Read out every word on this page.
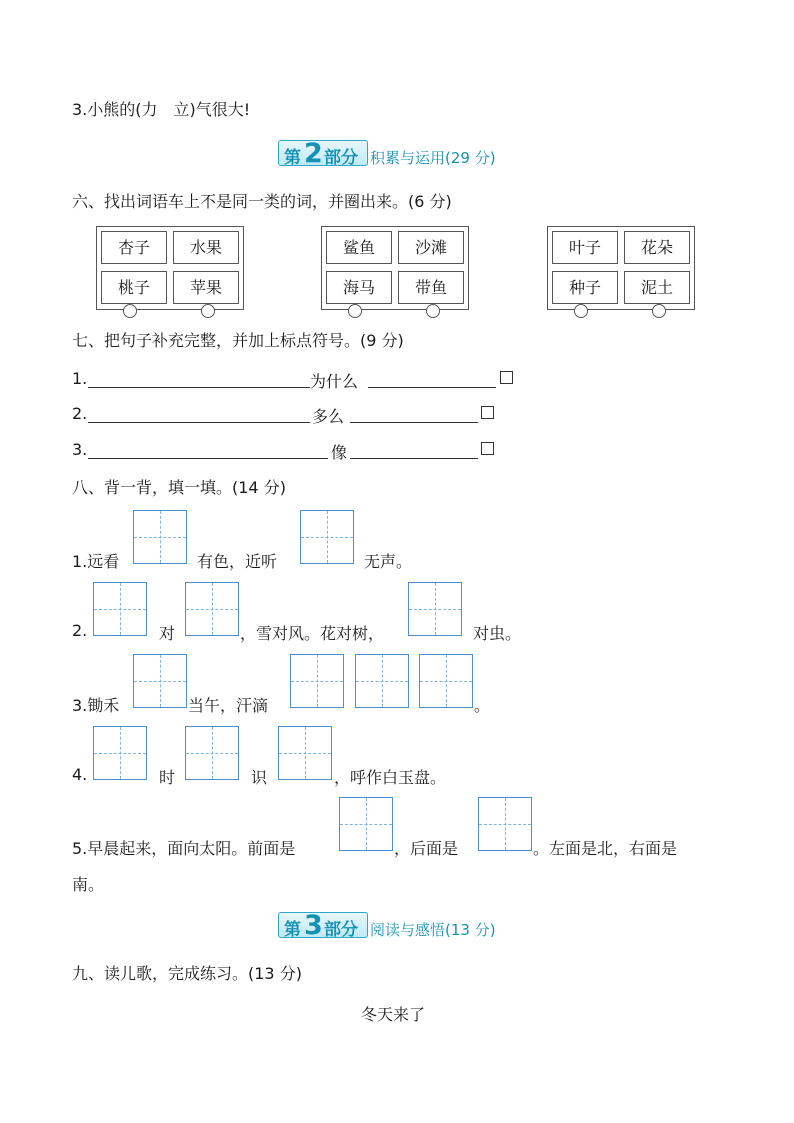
3.小熊的(力　立)气很大!
第 2 部分 积累与运用(29 分)
六、找出词语车上不是同一类的词，并圈出来。(6 分)
杏子	水果
桃子	苹果
鲨鱼	沙滩
海马	带鱼
叶子	花朵
种子	泥土
七、把句子补充完整，并加上标点符号。(9 分)
1.	为什么
2.	多么
3.	像
八、背一背，填一填。(14 分)
1.远看	有色，近听	无声。
2.	对	，雪对风。花对树，	对虫。
3.锄禾	当午，汗滴	。
4.	时	识	，呼作白玉盘。
5.早晨起来，面向太阳。前面是	，后面是	。左面是北，右面是
南。
第 3 部分 阅读与感悟(13 分)
九、读儿歌，完成练习。(13 分)
冬天来了
